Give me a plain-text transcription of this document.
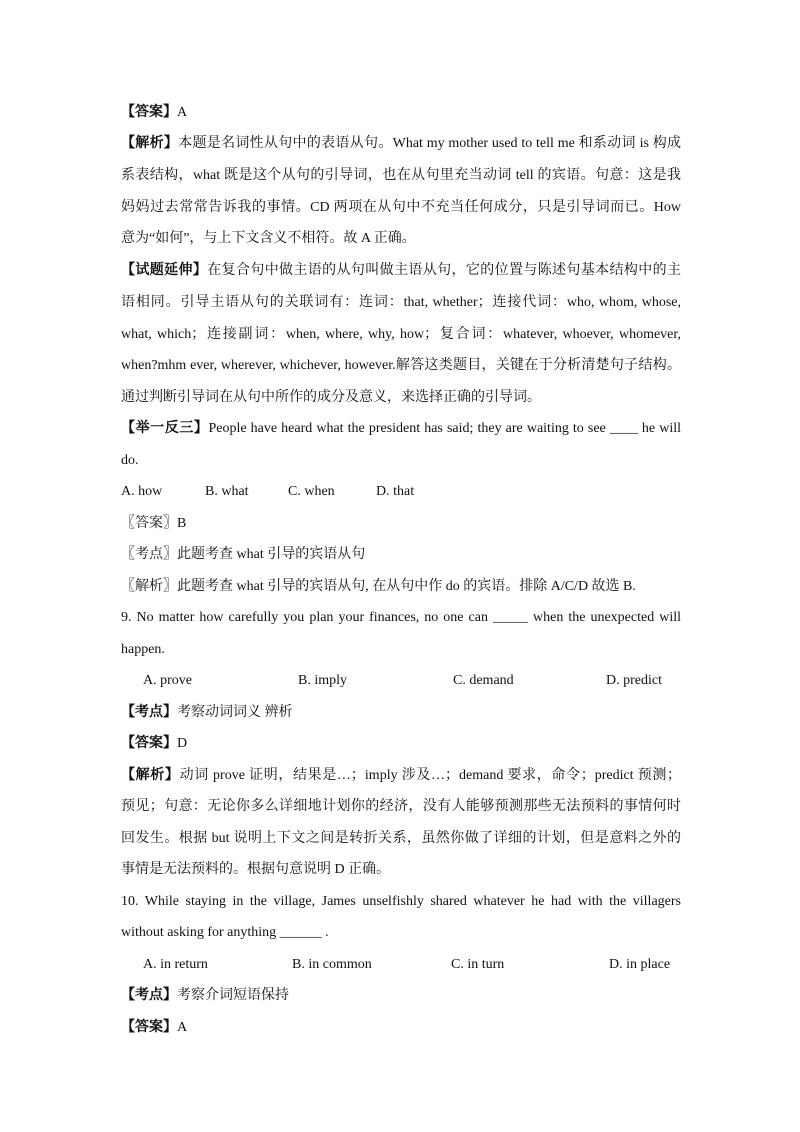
【答案】A
【解析】本题是名词性从句中的表语从句。What my mother used to tell me 和系动词 is 构成
系表结构，what 既是这个从句的引导词，也在从句里充当动词 tell 的宾语。句意：这是我
妈妈过去常常告诉我的事情。CD 两项在从句中不充当任何成分，只是引导词而已。How
意为“如何”，与上下文含义不相符。故 A 正确。
【试题延伸】在复合句中做主语的从句叫做主语从句，它的位置与陈述句基本结构中的主
语相同。引导主语从句的关联词有：连词：that, whether；连接代词：who, whom, whose,
what, which；连接副词：when, where, why, how；复合词：whatever, whoever, whomever,
when?mhm ever, wherever, whichever, however.解答这类题目，关键在于分析清楚句子结构。
通过判断引导词在从句中所作的成分及意义，来选择正确的引导词。
【举一反三】People have heard what the president has said; they are waiting to see ____ he will
do.
A. how	B. what	C. when	D. that
〖答案〗B
〖考点〗此题考查 what 引导的宾语从句
〖解析〗此题考查 what 引导的宾语从句, 在从句中作 do 的宾语。排除 A/C/D 故选 B.
9. No matter how carefully you plan your finances, no one can _____ when the unexpected will
happen.
A. prove	B. imply	C. demand	D. predict
【考点】考察动词词义 辨析
【答案】D
【解析】动词 prove 证明，结果是…；imply 涉及…；demand 要求，命令；predict 预测；
预见；句意：无论你多么详细地计划你的经济，没有人能够预测那些无法预料的事情何时
回发生。根据 but 说明上下文之间是转折关系，虽然你做了详细的计划，但是意料之外的
事情是无法预料的。根据句意说明 D 正确。
10. While staying in the village, James unselfishly shared whatever he had with the villagers
without asking for anything ______ .
A. in return	B. in common	C. in turn	D. in place
【考点】考察介词短语保持
【答案】A
